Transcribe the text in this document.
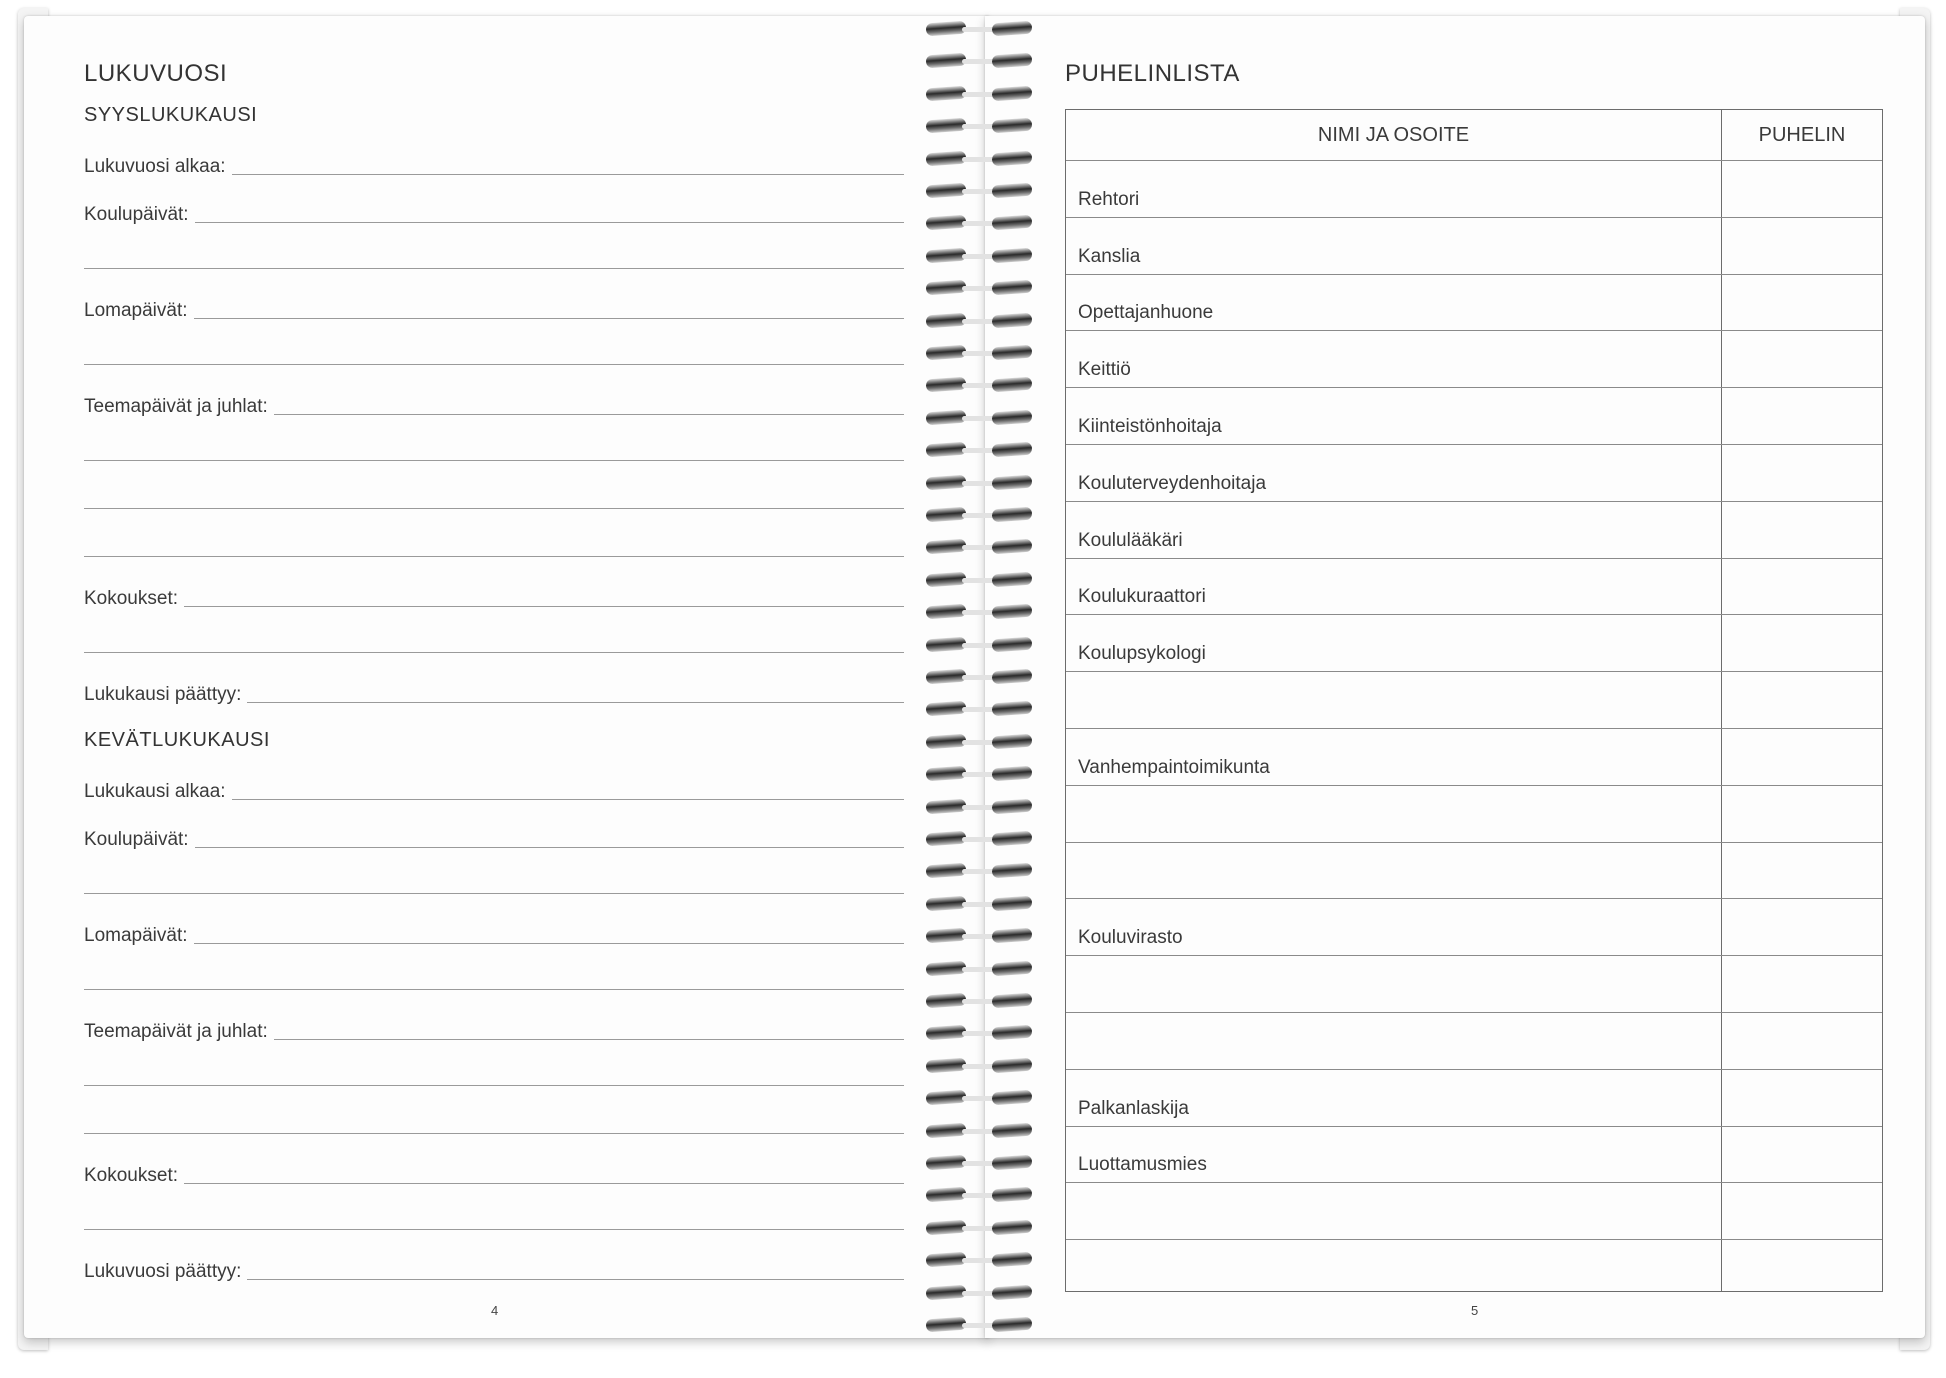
LUKUVUOSI
SYYSLUKUKAUSI
Lukuvuosi alkaa:
Koulupäivät:
Lomapäivät:
Teemapäivät ja juhlat:
Kokoukset:
Lukukausi päättyy:
KEVÄTLUKUKAUSI
Lukukausi alkaa:
Koulupäivät:
Lomapäivät:
Teemapäivät ja juhlat:
Kokoukset:
Lukuvuosi päättyy:
4
PUHELINLISTA
NIMI JA OSOITE	PUHELIN
Rehtori
Kanslia
Opettajanhuone
Keittiö
Kiinteistönhoitaja
Kouluterveydenhoitaja
Koululääkäri
Koulukuraattori
Koulupsykologi
Vanhempaintoimikunta
Kouluvirasto
Palkanlaskija
Luottamusmies
5
